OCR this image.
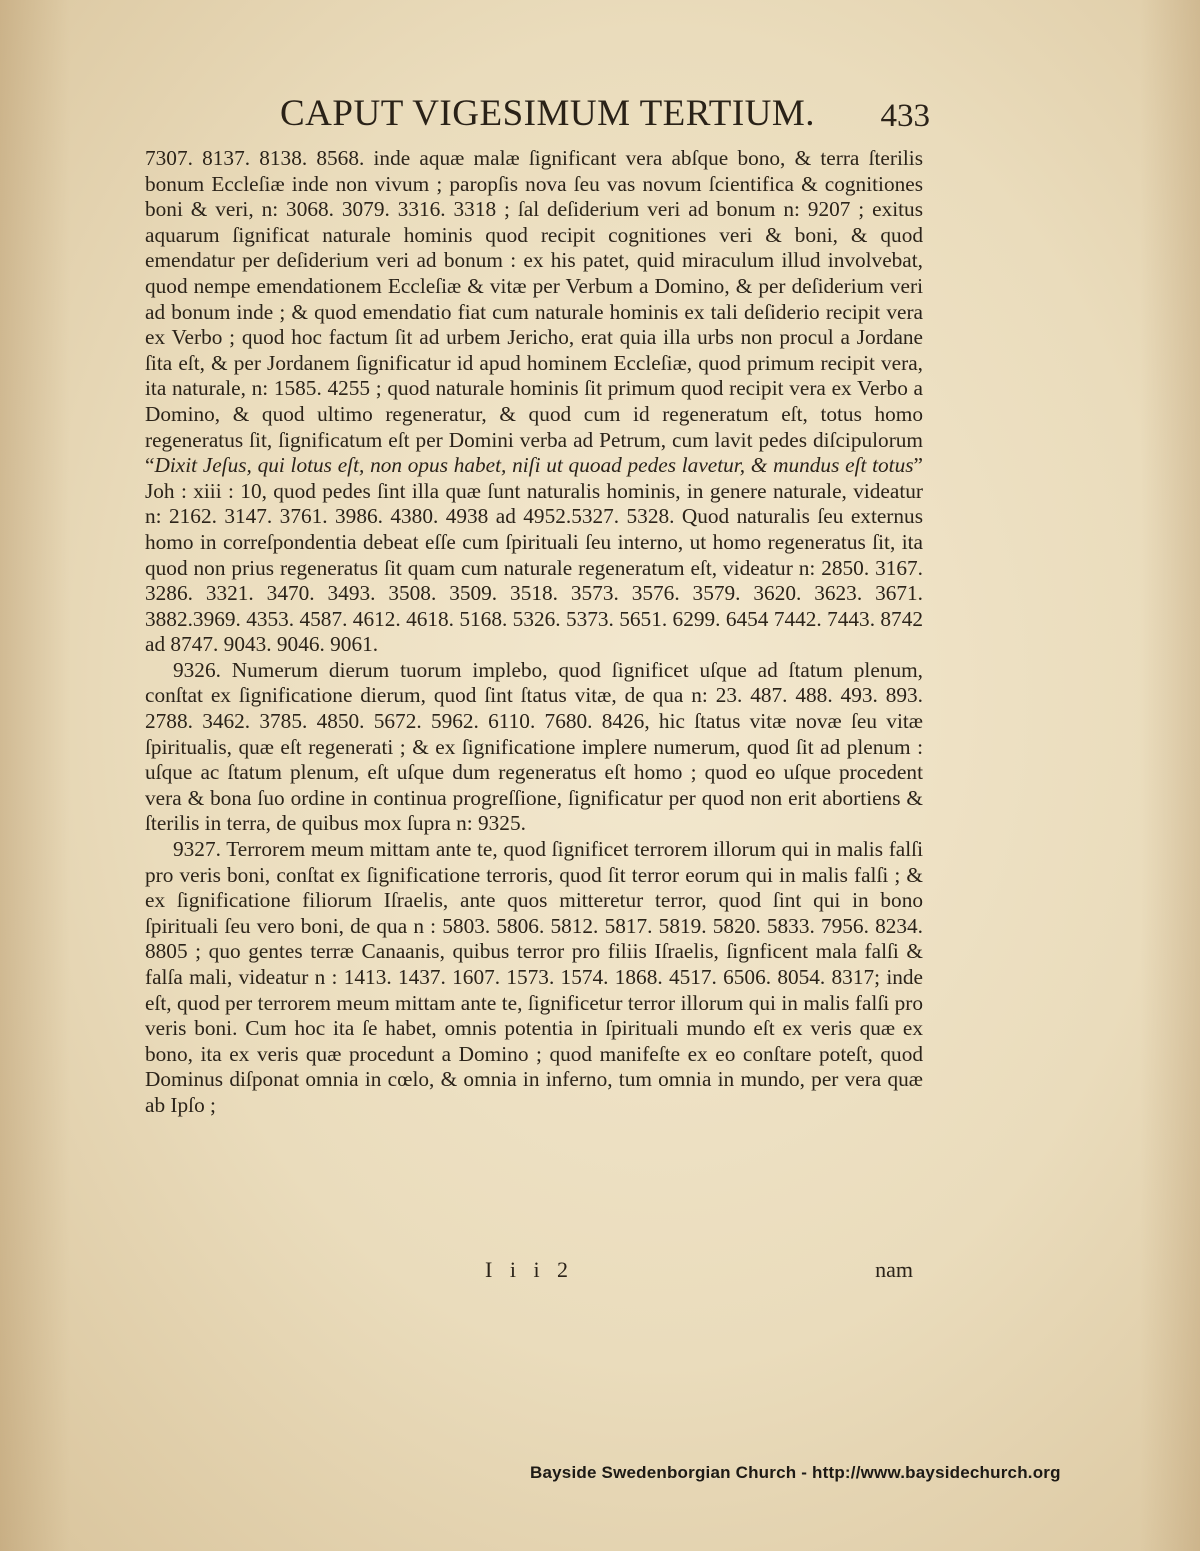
CAPUT VIGESIMUM TERTIUM. 433

7307. 8137. 8138. 8568. inde aquæ malæ ſignificant vera abſque bono, & terra ſterilis bonum Eccleſiæ inde non vivum ; paropſis nova ſeu vas novum ſcientifica & cognitiones boni & veri, n: 3068. 3079. 3316. 3318 ; ſal deſiderium veri ad bonum n: 9207 ; exitus aquarum ſignificat naturale hominis quod recipit cognitiones veri & boni, & quod emendatur per deſiderium veri ad bonum : ex his patet, quid miraculum illud involvebat, quod nempe emendationem Eccleſiæ & vitæ per Verbum a Domino, & per deſiderium veri ad bonum inde ; & quod emendatio fiat cum naturale hominis ex tali deſiderio recipit vera ex Verbo ; quod hoc factum ſit ad urbem Jericho, erat quia illa urbs non procul a Jordane ſita eſt, & per Jordanem ſignificatur id apud hominem Eccleſiæ, quod primum recipit vera, ita naturale, n: 1585. 4255 ; quod naturale hominis ſit primum quod recipit vera ex Verbo a Domino, & quod ultimo regeneratur, & quod cum id regeneratum eſt, totus homo regeneratus ſit, ſignificatum eſt per Domini verba ad Petrum, cum lavit pedes diſcipulorum “Dixit Jeſus, qui lotus eſt, non opus habet, niſi ut quoad pedes lavetur, & mundus eſt totus” Joh : xiii : 10, quod pedes ſint illa quæ ſunt naturalis hominis, in genere naturale, videatur n: 2162. 3147. 3761. 3986. 4380. 4938 ad 4952.5327. 5328. Quod naturalis ſeu externus homo in correſpondentia debeat eſſe cum ſpirituali ſeu interno, ut homo regeneratus ſit, ita quod non prius regeneratus ſit quam cum naturale regeneratum eſt, videatur n: 2850. 3167. 3286. 3321. 3470. 3493. 3508. 3509. 3518. 3573. 3576. 3579. 3620. 3623. 3671. 3882.3969. 4353. 4587. 4612. 4618. 5168. 5326. 5373. 5651. 6299. 6454 7442. 7443. 8742 ad 8747. 9043. 9046. 9061.

9326. Numerum dierum tuorum implebo, quod ſignificet uſque ad ſtatum plenum, conſtat ex ſignificatione dierum, quod ſint ſtatus vitæ, de qua n: 23. 487. 488. 493. 893. 2788. 3462. 3785. 4850. 5672. 5962. 6110. 7680. 8426, hic ſtatus vitæ novæ ſeu vitæ ſpiritualis, quæ eſt regenerati ; & ex ſignificatione implere numerum, quod ſit ad plenum : uſque ac ſtatum plenum, eſt uſque dum regeneratus eſt homo ; quod eo uſque procedent vera & bona ſuo ordine in continua progreſſione, ſignificatur per quod non erit abortiens & ſterilis in terra, de quibus mox ſupra n: 9325.

9327. Terrorem meum mittam ante te, quod ſignificet terrorem illorum qui in malis falſi pro veris boni, conſtat ex ſignificatione terroris, quod ſit terror eorum qui in malis falſi ; & ex ſignificatione filiorum Iſraelis, ante quos mitteretur terror, quod ſint qui in bono ſpirituali ſeu vero boni, de qua n : 5803. 5806. 5812. 5817. 5819. 5820. 5833. 7956. 8234. 8805 ; quo gentes terræ Canaanis, quibus terror pro filiis Iſraelis, ſignficent mala falſi & falſa mali, videatur n : 1413. 1437. 1607. 1573. 1574. 1868. 4517. 6506. 8054. 8317; inde eſt, quod per terrorem meum mittam ante te, ſignificetur terror illorum qui in malis falſi pro veris boni. Cum hoc ita ſe habet, omnis potentia in ſpirituali mundo eſt ex veris quæ ex bono, ita ex veris quæ procedunt a Domino ; quod manifeſte ex eo conſtare poteſt, quod Dominus diſponat omnia in cœlo, & omnia in inferno, tum omnia in mundo, per vera quæ ab Ipſo ;

I i i 2	nam
Bayside Swedenborgian Church - http://www.baysidechurch.org
